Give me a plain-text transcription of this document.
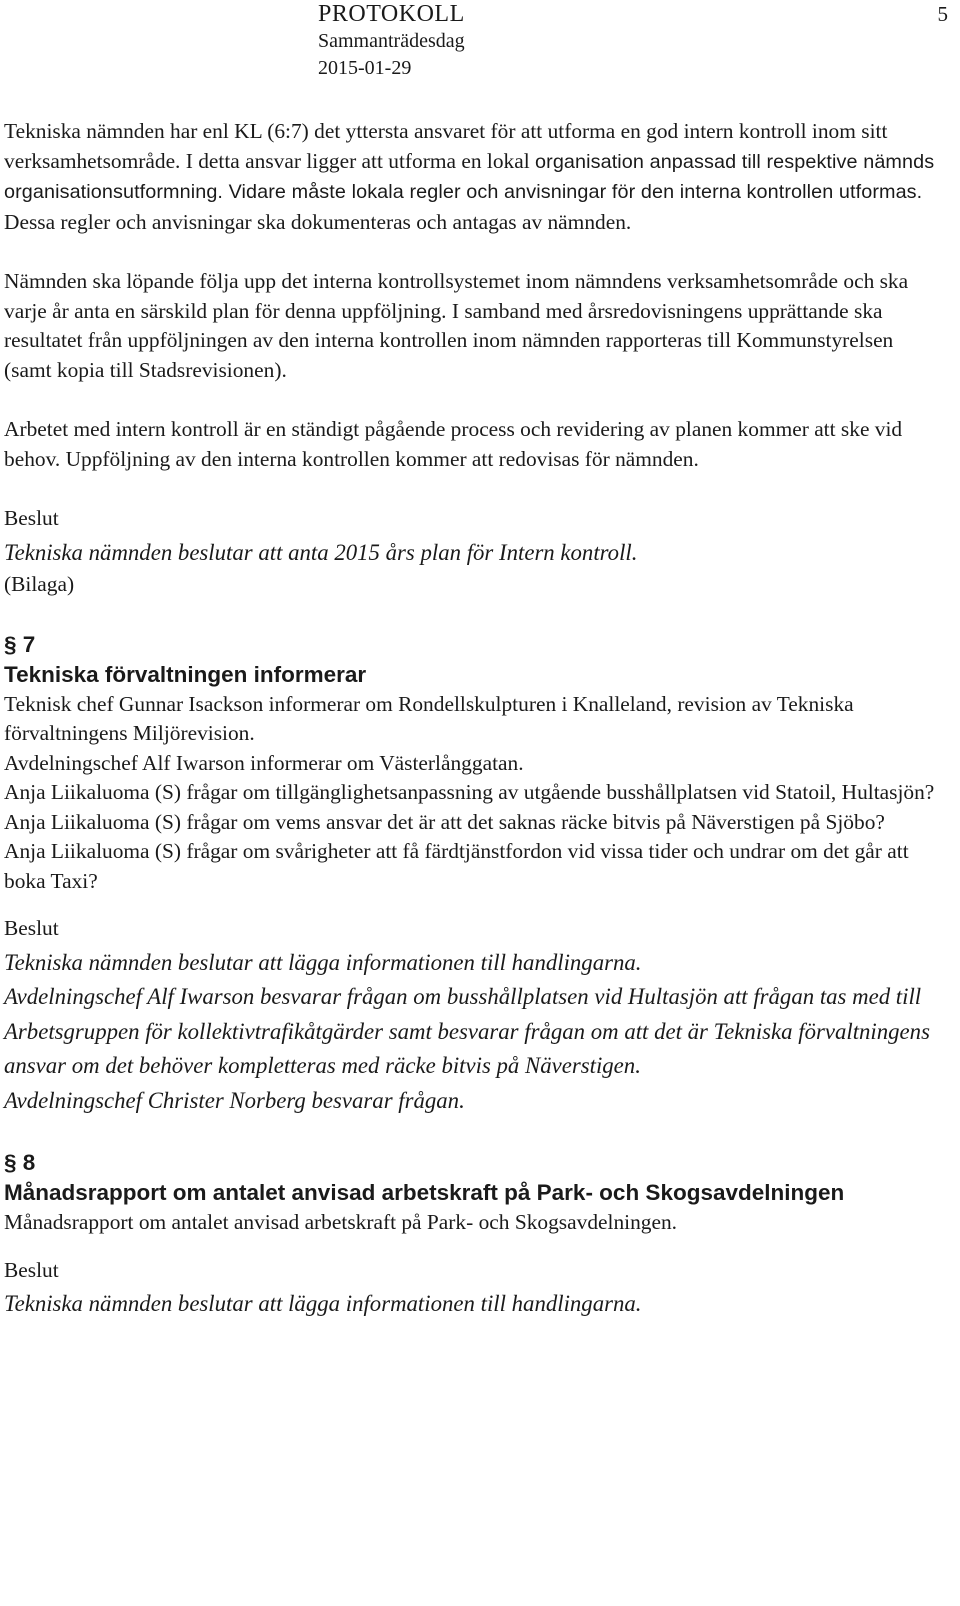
PROTOKOLL
Sammanträdesdag
2015-01-29
5

Tekniska nämnden har enl KL (6:7) det yttersta ansvaret för att utforma en god intern kontroll inom sitt verksamhetsområde. I detta ansvar ligger att utforma en lokal organisation anpassad till respektive nämnds organisationsutformning. Vidare måste lokala regler och anvisningar för den interna kontrollen utformas. Dessa regler och anvisningar ska dokumenteras och antagas av nämnden.

Nämnden ska löpande följa upp det interna kontrollsystemet inom nämndens verksamhetsområde och ska varje år anta en särskild plan för denna uppföljning. I samband med årsredovisningens upprättande ska resultatet från uppföljningen av den interna kontrollen inom nämnden rapporteras till Kommunstyrelsen (samt kopia till Stadsrevisionen).

Arbetet med intern kontroll är en ständigt pågående process och revidering av planen kommer att ske vid behov. Uppföljning av den interna kontrollen kommer att redovisas för nämnden.

Beslut

Tekniska nämnden beslutar att anta 2015 års plan för Intern kontroll.

(Bilaga)

§ 7

Tekniska förvaltningen informerar

Teknisk chef Gunnar Isackson informerar om Rondellskulpturen i Knalleland, revision av Tekniska förvaltningens Miljörevision.

Avdelningschef Alf Iwarson informerar om Västerlånggatan.

Anja Liikaluoma (S) frågar om tillgänglighetsanpassning av utgående busshållplatsen vid Statoil, Hultasjön?

Anja Liikaluoma (S) frågar om vems ansvar det är att det saknas räcke bitvis på Näverstigen på Sjöbo?

Anja Liikaluoma (S) frågar om svårigheter att få färdtjänstfordon vid vissa tider och undrar om det går att boka Taxi?

Beslut

Tekniska nämnden beslutar att lägga informationen till handlingarna.

Avdelningschef Alf Iwarson besvarar frågan om busshållplatsen vid Hultasjön att frågan tas med till Arbetsgruppen för kollektivtrafikåtgärder samt besvarar frågan om att det är Tekniska förvaltningens ansvar om det behöver kompletteras med räcke bitvis på Näverstigen.

Avdelningschef Christer Norberg besvarar frågan.

§ 8

Månadsrapport om antalet anvisad arbetskraft på Park- och Skogsavdelningen

Månadsrapport om antalet anvisad arbetskraft på Park- och Skogsavdelningen.

Beslut

Tekniska nämnden beslutar att lägga informationen till handlingarna.
